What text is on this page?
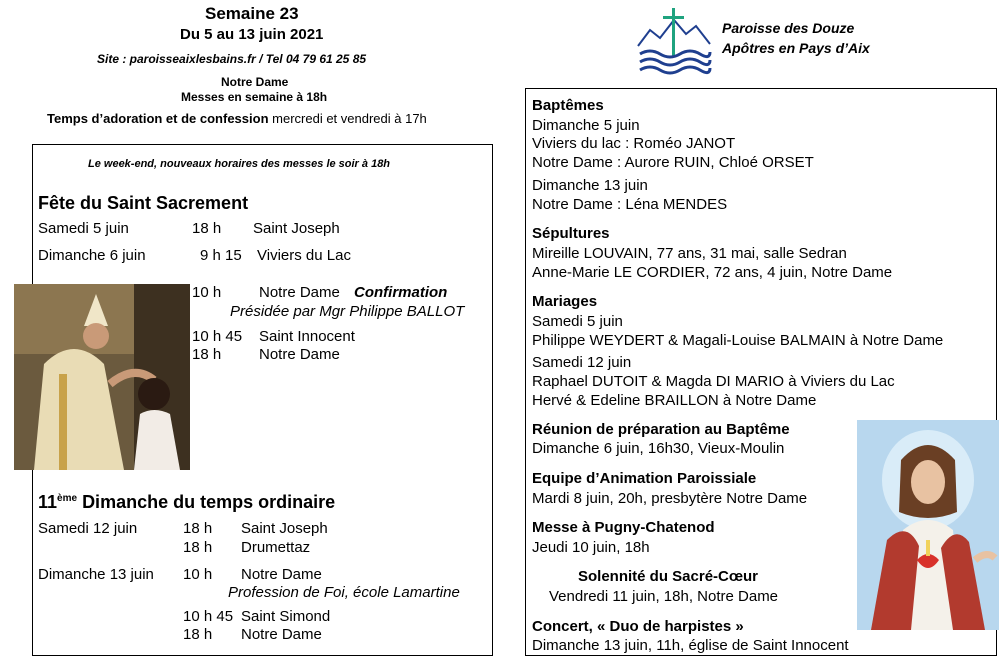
Semaine 23
Du 5 au 13 juin 2021
Site : paroisseaixlesbains.fr / Tel 04 79 61 25 85
Notre Dame
Messes en semaine à 18h
Temps d’adoration et de confession mercredi et vendredi à 17h
Paroisse des Douze
Apôtres en Pays d’Aix
Le week-end, nouveaux horaires des messes le soir à 18h
Fête du Saint Sacrement
Samedi 5 juin	18 h Saint Joseph
Dimanche 6 juin	9 h 15 Viviers du Lac
10 h	Notre Dame Confirmation
Présidée par Mgr Philippe BALLOT
10 h 45 Saint Innocent
18 h	Notre Dame
11ème Dimanche du temps ordinaire
Samedi 12 juin	18 h Saint Joseph
18 h Drumettaz
Dimanche 13 juin 10 h Notre Dame
Profession de Foi, école Lamartine
10 h 45 Saint Simond
18 h Notre Dame
Baptêmes
Dimanche 5 juin
Viviers du lac : Roméo JANOT
Notre Dame : Aurore RUIN, Chloé ORSET
Dimanche 13 juin
Notre Dame : Léna MENDES
Sépultures
Mireille LOUVAIN, 77 ans, 31 mai, salle Sedran
Anne-Marie LE CORDIER, 72 ans, 4 juin, Notre Dame
Mariages
Samedi 5 juin
Philippe WEYDERT & Magali-Louise BALMAIN à Notre Dame
Samedi 12 juin
Raphael DUTOIT & Magda DI MARIO à Viviers du Lac
Hervé & Edeline BRAILLON à Notre Dame
Réunion de préparation au Baptême
Dimanche 6 juin, 16h30, Vieux-Moulin
Equipe d’Animation Paroissiale
Mardi 8 juin, 20h, presbytère Notre Dame
Messe à Pugny-Chatenod
Jeudi 10 juin, 18h
Solennité du Sacré-Cœur
Vendredi 11 juin, 18h, Notre Dame
Concert, « Duo de harpistes »
Dimanche 13 juin, 11h, église de Saint Innocent
